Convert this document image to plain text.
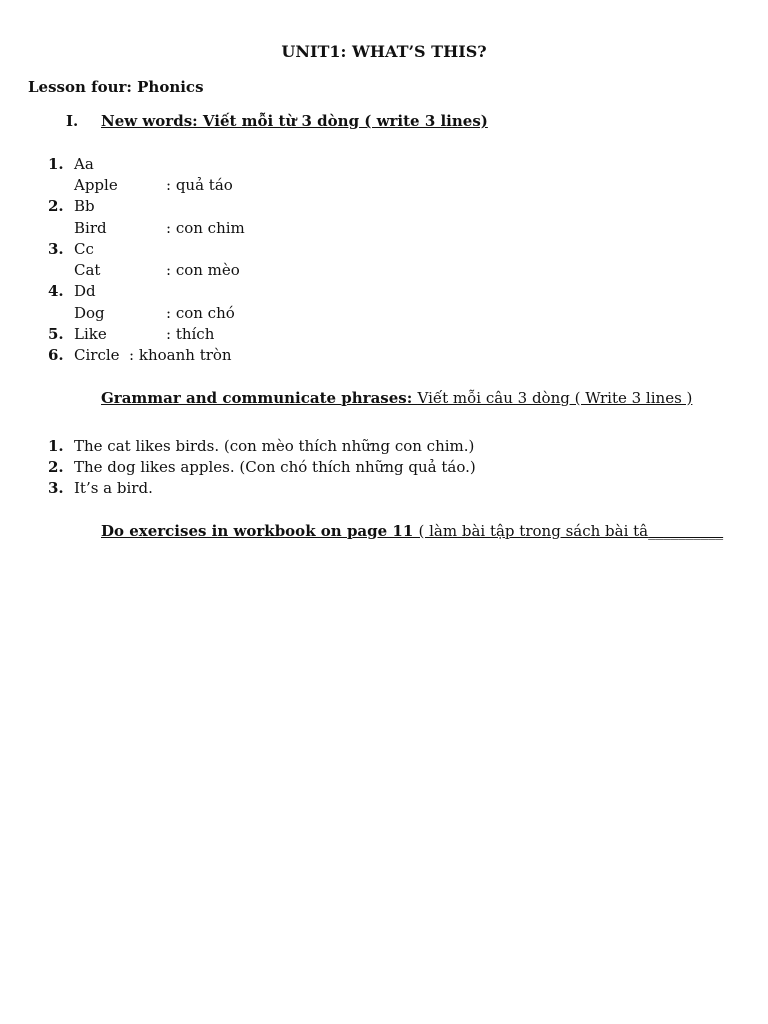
UNIT1: WHAT’S THIS?
Lesson four: Phonics
I. New words: Viết mỗi từ 3 dòng ( write 3 lines)
1. Aa
Apple	: quả táo
2. Bb
Bird	: con chim
3. Cc
Cat	: con mèo
4. Dd
Dog	: con chó
5. Like	: thích
6. Circle  : khoanh tròn
Grammar and communicate phrases: Viết mỗi câu 3 dòng ( Write 3 lines )
1. The cat likes birds. (con mèo thích những con chim.)
2. The dog likes apples. (Con chó thích những quả táo.)
3. It’s a bird.
Do exercises in workbook on page 11 ( làm bài tập trong sách bài tâ__________
